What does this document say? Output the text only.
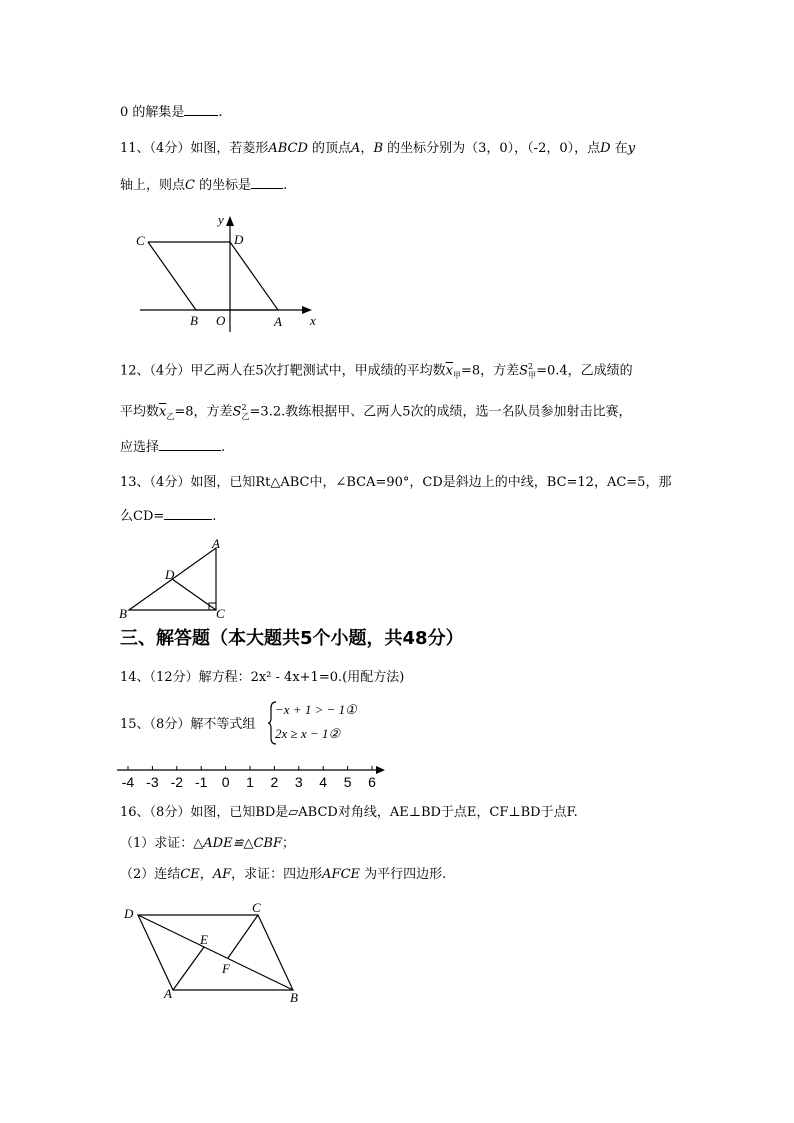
0 的解集是	.
11、（4分）如图，若菱形ABCD 的顶点A，B 的坐标分别为（3，0），（-2，0），点D 在y
轴上，则点C 的坐标是 .
y
x
C	D
B O	A
12、（4分）甲乙两人在5次打靶测试中，甲成绩的平均数$\overline{x}_甲=8$，方差$S^2_甲=0.4$，乙成绩的
平均数$\overline{x}_乙=8$，方差$S^2_乙=3.2$.教练根据甲、乙两人5次的成绩，选一名队员参加射击比赛，
应选择	.
13、（4分）如图，已知Rt△ABC中，∠BCA=90°，CD是斜边上的中线，BC=12，AC=5，那
么CD=	.
A
D
B	C
三、解答题（本大题共5个小题，共48分）
14、（12分）解方程：2x² - 4x+1=0.(用配方法)
15、（8分）解不等式组
−x + 1 > − 1①
2x ≥ x − 1②
-4 -3 -2 -1 0 1 2 3 4 5 6
16、（8分）如图，已知BD是▱ABCD对角线，AE⊥BD于点E，CF⊥BD于点F.
（1）求证：△ADE≌△CBF；
（2）连结CE，AF，求证：四边形AFCE 为平行四边形.
D	C
E
F
A	B
